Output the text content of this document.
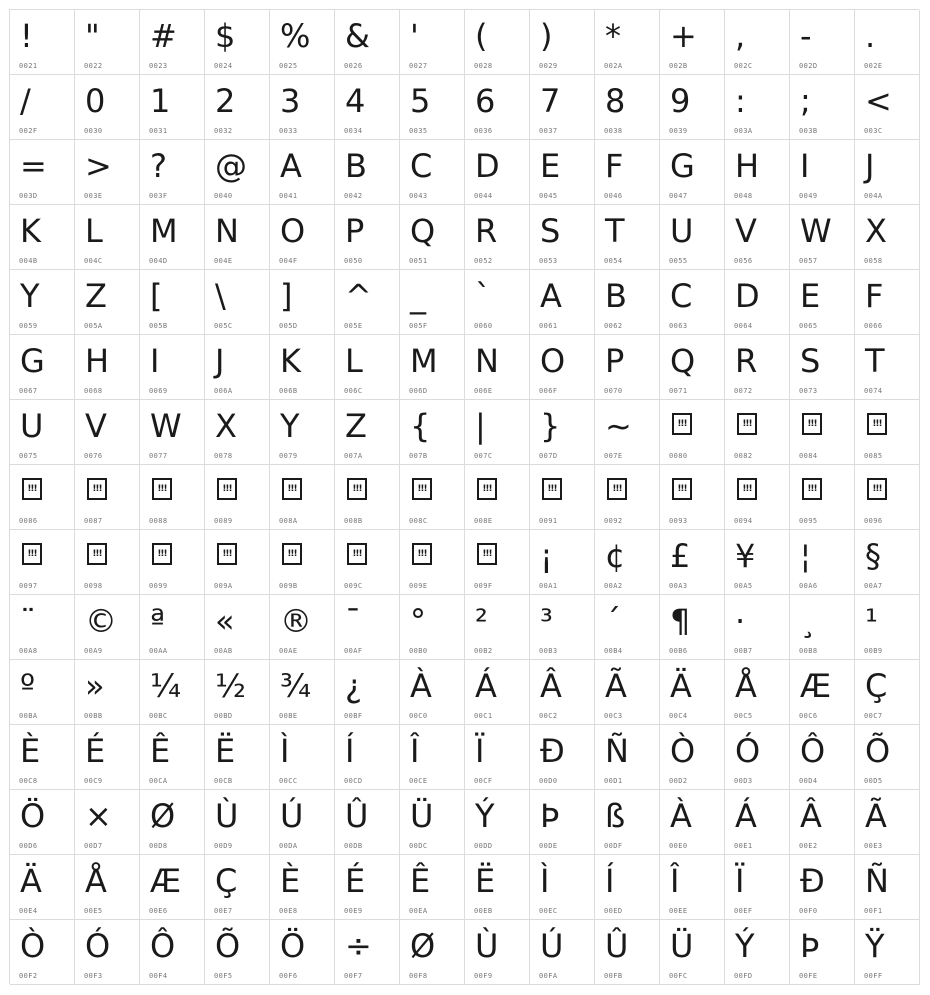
!
0021
"
0022
#
0023
$
0024
%
0025
&
0026
'
0027
(
0028
)
0029
*
002A
+
002B
,
002C
-
002D
.
002E
/
002F
0
0030
1
0031
2
0032
3
0033
4
0034
5
0035
6
0036
7
0037
8
0038
9
0039
:
003A
;
003B
<
003C
=
003D
>
003E
?
003F
@
0040
A
0041
B
0042
C
0043
D
0044
E
0045
F
0046
G
0047
H
0048
I
0049
J
004A
K
004B
L
004C
M
004D
N
004E
O
004F
P
0050
Q
0051
R
0052
S
0053
T
0054
U
0055
V
0056
W
0057
X
0058
Y
0059
Z
005A
[
005B
\
005C
]
005D
^
005E
_
005F
`
0060
A
0061
B
0062
C
0063
D
0064
E
0065
F
0066
G
0067
H
0068
I
0069
J
006A
K
006B
L
006C
M
006D
N
006E
O
006F
P
0070
Q
0071
R
0072
S
0073
T
0074
U
0075
V
0076
W
0077
X
0078
Y
0079
Z
007A
{
007B
|
007C
}
007D
~
007E
!!!
0080
!!!
0082
!!!
0084
!!!
0085
!!!
0086
!!!
0087
!!!
0088
!!!
0089
!!!
008A
!!!
008B
!!!
008C
!!!
008E
!!!
0091
!!!
0092
!!!
0093
!!!
0094
!!!
0095
!!!
0096
!!!
0097
!!!
0098
!!!
0099
!!!
009A
!!!
009B
!!!
009C
!!!
009E
!!!
009F
¡
00A1
¢
00A2
£
00A3
¥
00A5
¦
00A6
§
00A7
¨
00A8
©
00A9
ª
00AA
«
00AB
®
00AE
¯
00AF
°
00B0
²
00B2
³
00B3
´
00B4
¶
00B6
·
00B7
¸
00B8
¹
00B9
º
00BA
»
00BB
¼
00BC
½
00BD
¾
00BE
¿
00BF
À
00C0
Á
00C1
Â
00C2
Ã
00C3
Ä
00C4
Å
00C5
Æ
00C6
Ç
00C7
È
00C8
É
00C9
Ê
00CA
Ë
00CB
Ì
00CC
Í
00CD
Î
00CE
Ï
00CF
Đ
00D0
Ñ
00D1
Ò
00D2
Ó
00D3
Ô
00D4
Õ
00D5
Ö
00D6
×
00D7
Ø
00D8
Ù
00D9
Ú
00DA
Û
00DB
Ü
00DC
Ý
00DD
Þ
00DE
ß
00DF
À
00E0
Á
00E1
Â
00E2
Ã
00E3
Ä
00E4
Å
00E5
Æ
00E6
Ç
00E7
È
00E8
É
00E9
Ê
00EA
Ë
00EB
Ì
00EC
Í
00ED
Î
00EE
Ï
00EF
Đ
00F0
Ñ
00F1
Ò
00F2
Ó
00F3
Ô
00F4
Õ
00F5
Ö
00F6
÷
00F7
Ø
00F8
Ù
00F9
Ú
00FA
Û
00FB
Ü
00FC
Ý
00FD
Þ
00FE
Ÿ
00FF
